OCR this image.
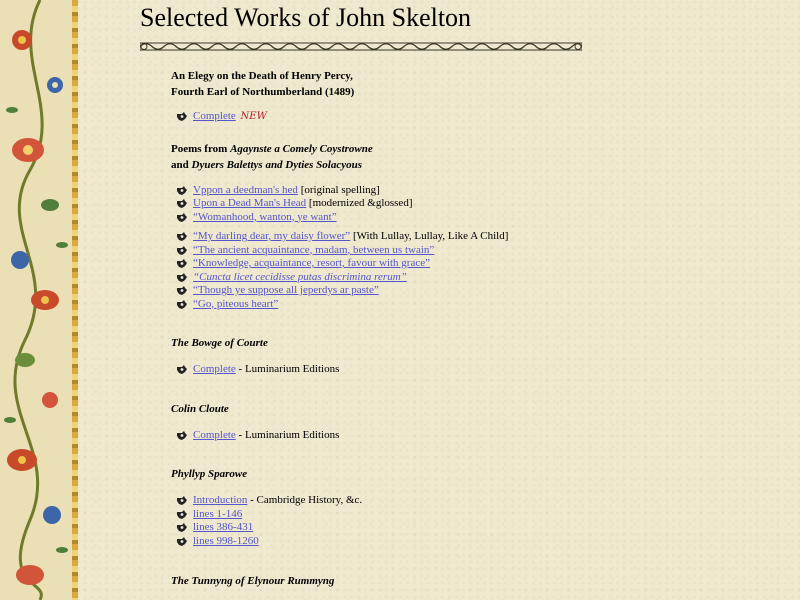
Selected Works of John Skelton
An Elegy on the Death of Henry Percy,
Fourth Earl of Northumberland (1489)
Complete NEW
Poems from Agaynste a Comely Coystrowne
and Dyuers Balettys and Dyties Solacyous
Vppon a deedman's hed [original spelling]
Upon a Dead Man's Head [modernized &glossed]
“Womanhood, wanton, ye want”
“My darling dear, my daisy flower” [With Lullay, Lullay, Like A Child]
“The ancient acquaintance, madam, between us twain”
“Knowledge, acquaintance, resort, favour with grace”
“Cuncta licet cecidisse putas discrimina rerum”
“Though ye suppose all jeperdys ar paste”
“Go, piteous heart”
The Bowge of Courte
Complete - Luminarium Editions
Colin Cloute
Complete - Luminarium Editions
Phyllyp Sparowe
Introduction - Cambridge History, &c.
lines 1-146
lines 386-431
lines 998-1260
The Tunnyng of Elynour Rummyng
